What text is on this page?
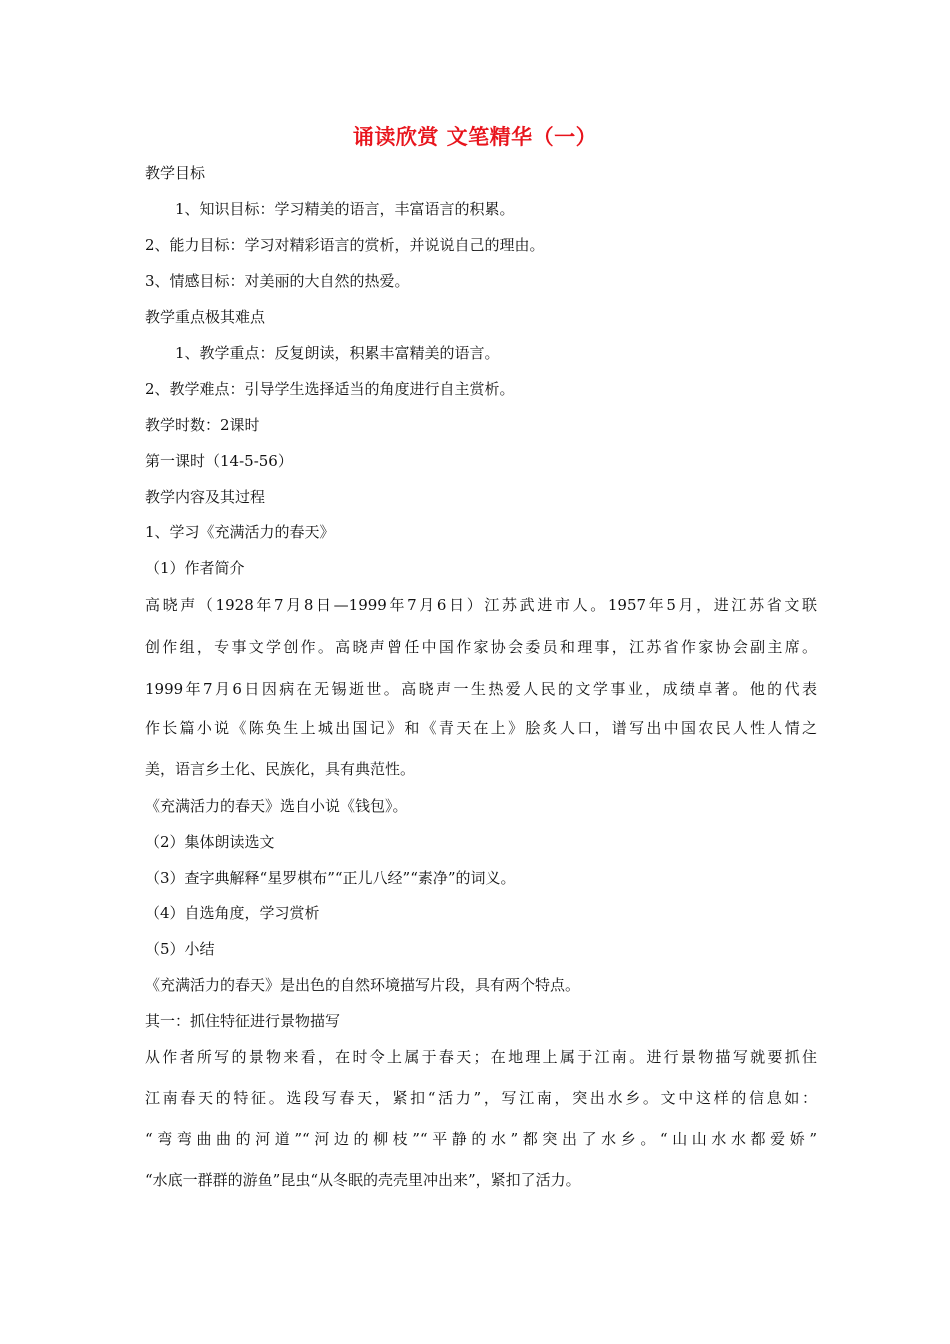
诵读欣赏 文笔精华（一）
教学目标
1、知识目标：学习精美的语言，丰富语言的积累。
2、能力目标：学习对精彩语言的赏析，并说说自己的理由。
3、情感目标：对美丽的大自然的热爱。
教学重点极其难点
1、教学重点：反复朗读，积累丰富精美的语言。
2、教学难点：引导学生选择适当的角度进行自主赏析。
教学时数：2课时
第一课时（14-5-56）
教学内容及其过程
1、学习《充满活力的春天》
（1）作者简介
高晓声（1928年7月8日—1999年7月6日）江苏武进市人。1957年5月，进江苏省文联
创作组，专事文学创作。高晓声曾任中国作家协会委员和理事，江苏省作家协会副主席。
1999年7月6日因病在无锡逝世。高晓声一生热爱人民的文学事业，成绩卓著。他的代表
作长篇小说《陈奂生上城出国记》和《青天在上》脍炙人口，谱写出中国农民人性人情之
美，语言乡土化、民族化，具有典范性。
《充满活力的春天》选自小说《钱包》。
（2）集体朗读选文
（3）查字典解释“星罗棋布”“正儿八经”“素净”的词义。
（4）自选角度，学习赏析
（5）小结
《充满活力的春天》是出色的自然环境描写片段，具有两个特点。
其一：抓住特征进行景物描写
从作者所写的景物来看，在时令上属于春天；在地理上属于江南。进行景物描写就要抓住
江南春天的特征。选段写春天，紧扣“活力”，写江南，突出水乡。文中这样的信息如：
“弯弯曲曲的河道”“河边的柳枝”“平静的水”都突出了水乡。“山山水水都爱娇”
“水底一群群的游鱼”昆虫“从冬眠的壳壳里冲出来”，紧扣了活力。
